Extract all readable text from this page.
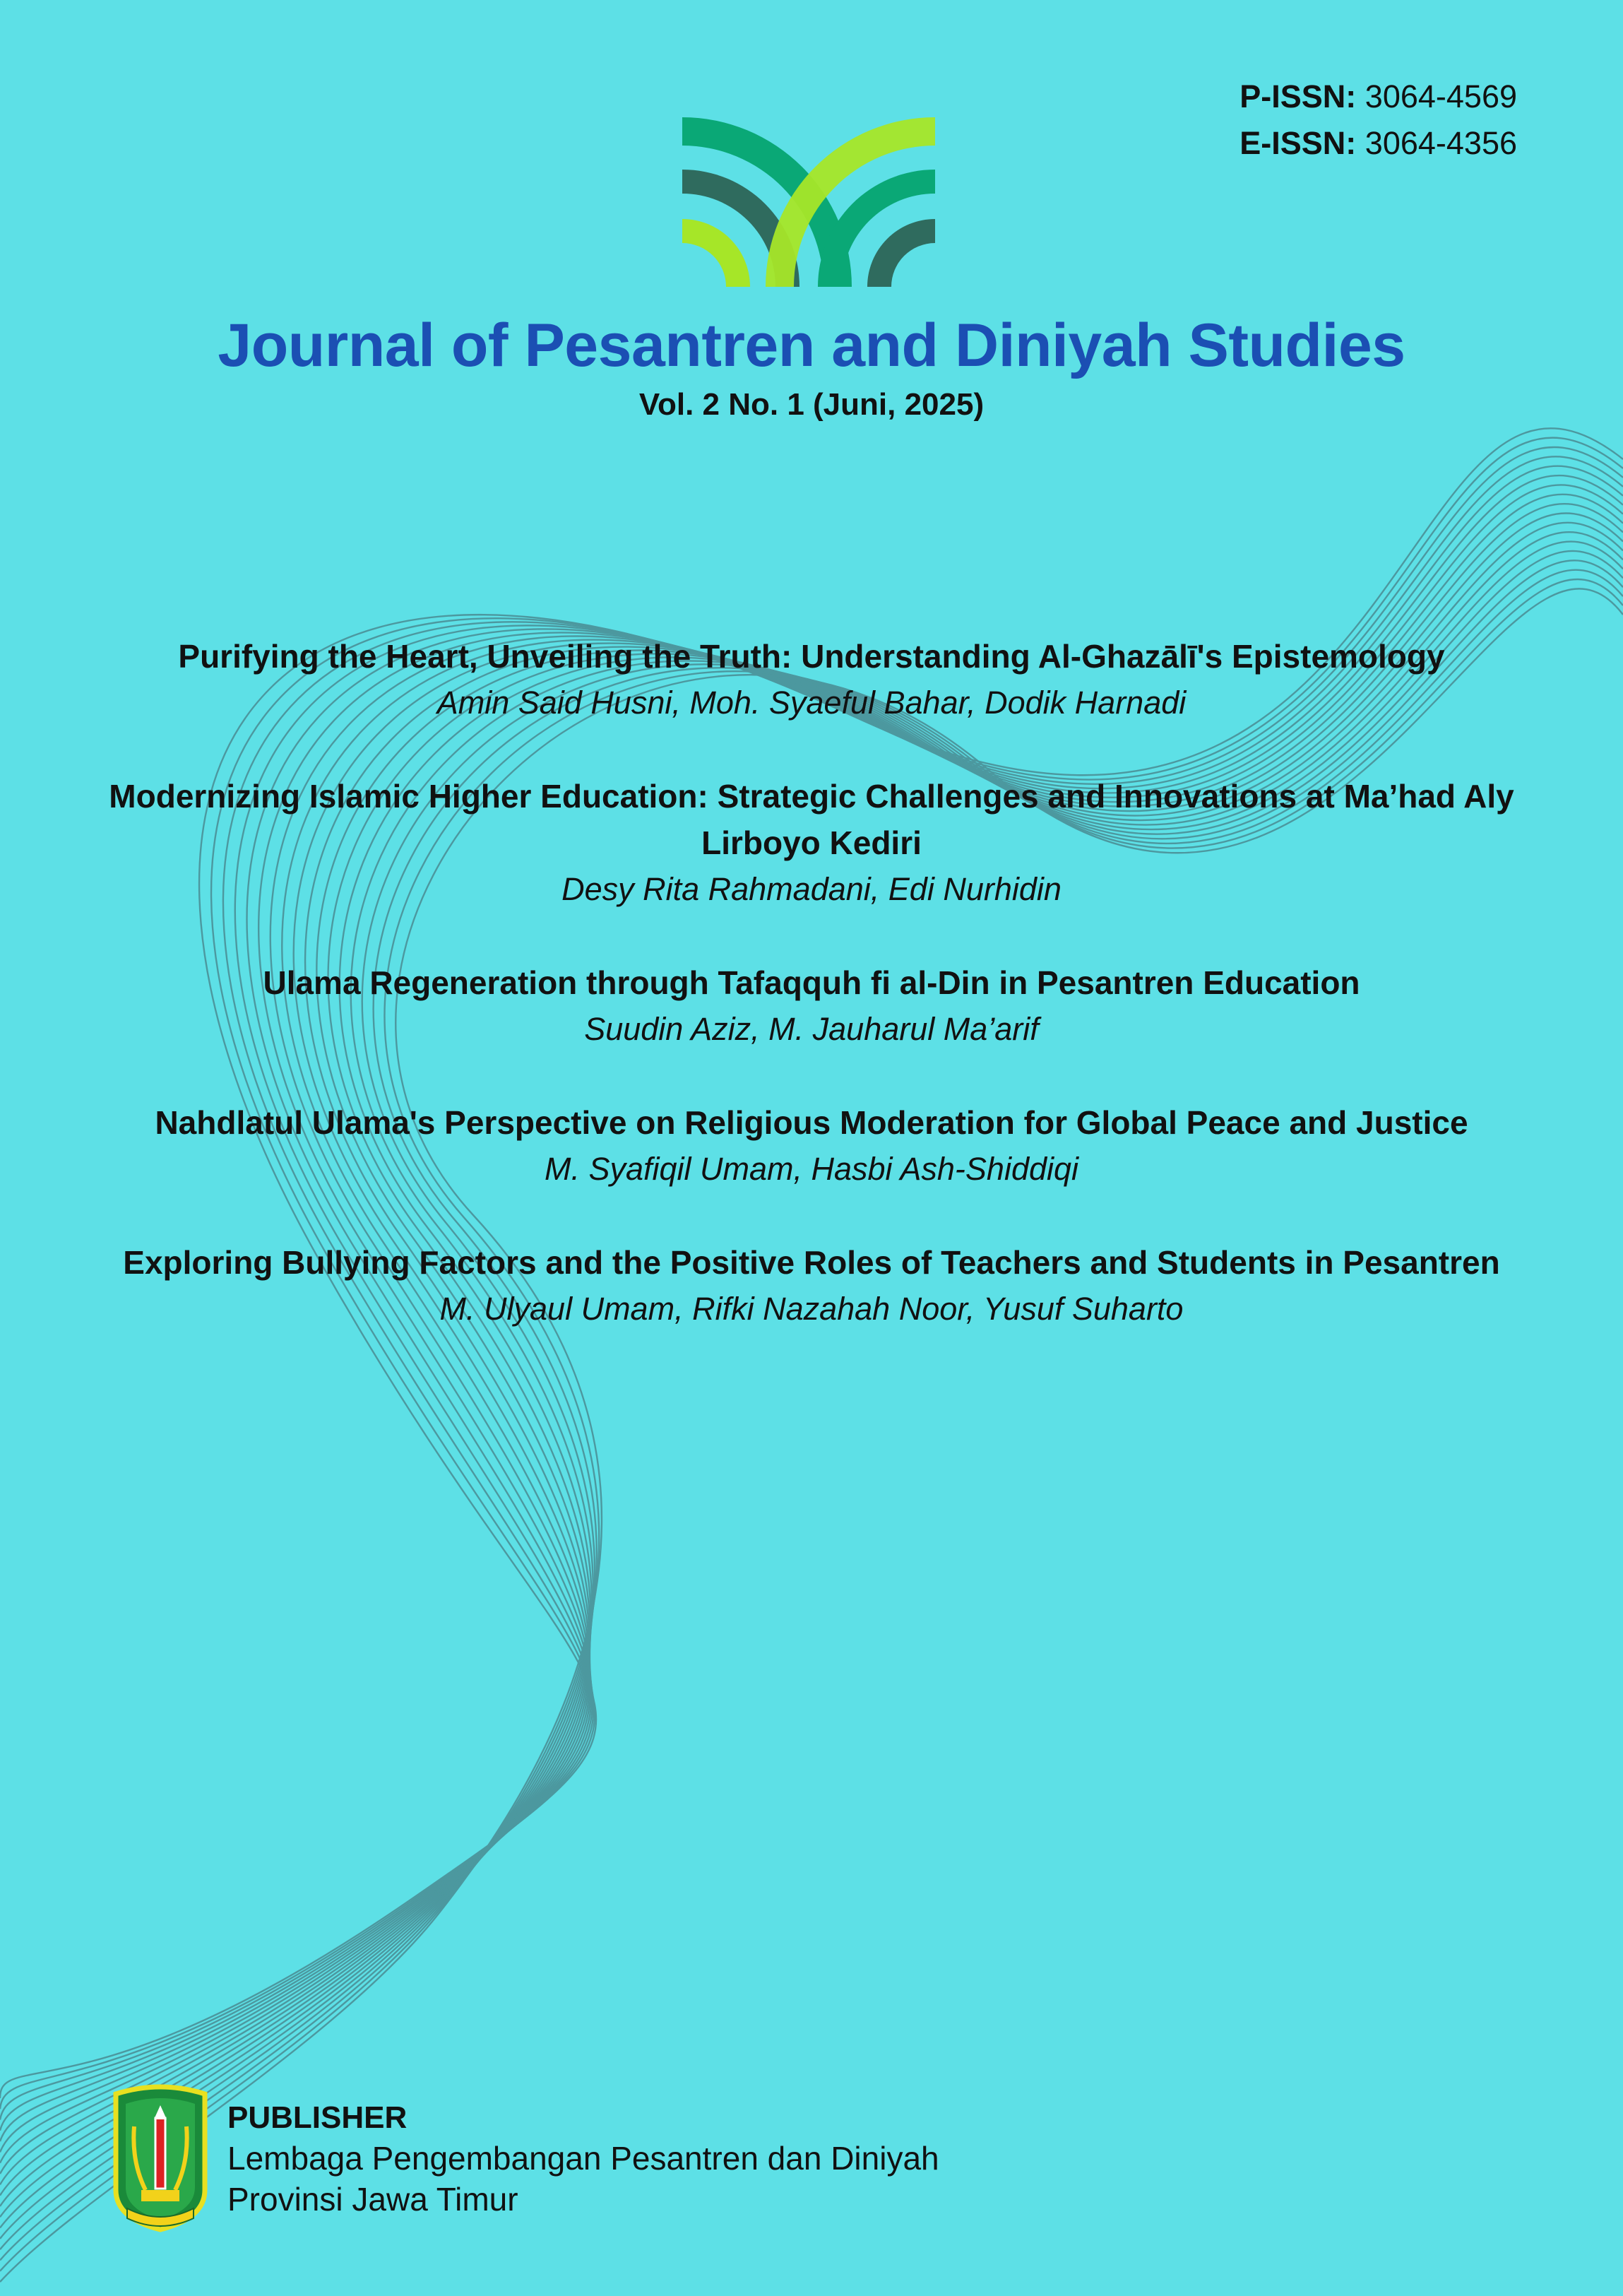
P-ISSN: 3064-4569
E-ISSN: 3064-4356
Journal of Pesantren and Diniyah Studies
Vol. 2 No. 1 (Juni, 2025)
Purifying the Heart, Unveiling the Truth: Understanding Al-Ghazālī's Epistemology
Amin Said Husni, Moh. Syaeful Bahar, Dodik Harnadi
Modernizing Islamic Higher Education: Strategic Challenges and Innovations at Ma’had Aly Lirboyo Kediri
Desy Rita Rahmadani, Edi Nurhidin
Ulama Regeneration through Tafaqquh fi al-Din in Pesantren Education
Suudin Aziz, M. Jauharul Ma’arif
Nahdlatul Ulama's Perspective on Religious Moderation for Global Peace and Justice
M. Syafiqil Umam, Hasbi Ash-Shiddiqi
Exploring Bullying Factors and the Positive Roles of Teachers and Students in Pesantren
M. Ulyaul Umam, Rifki Nazahah Noor, Yusuf Suharto
PUBLISHER
Lembaga Pengembangan Pesantren dan Diniyah
Provinsi Jawa Timur
